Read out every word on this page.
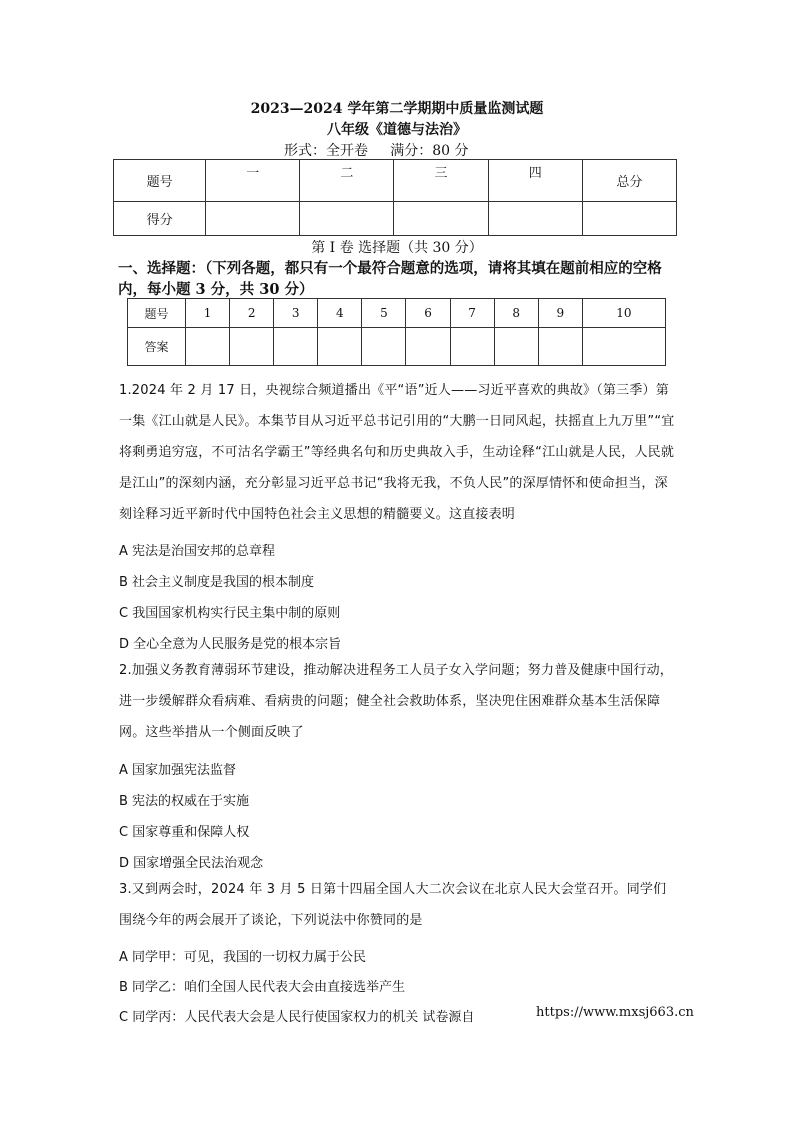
2023—2024 学年第二学期期中质量监测试题
八年级《道德与法治》
形式：全开卷     满分：80 分
题号	一	二	三	四	总分
得分					
第 I 卷 选择题（共 30 分）
一、选择题：（下列各题，都只有一个最符合题意的选项，请将其填在题前相应的空格内，每小题 3 分，共 30 分）
题号	1	2	3	4	5	6	7	8	9	10
答案										
1.2024 年 2 月 17 日，央视综合频道播出《平“语”近人——习近平喜欢的典故》（第三季）第一集《江山就是人民》。本集节目从习近平总书记引用的“大鹏一日同风起，扶摇直上九万里”“宜将剩勇追穷寇，不可沽名学霸王”等经典名句和历史典故入手，生动诠释“江山就是人民，人民就是江山”的深刻内涵，充分彰显习近平总书记“我将无我，不负人民”的深厚情怀和使命担当，深刻诠释习近平新时代中国特色社会主义思想的精髓要义。这直接表明
A 宪法是治国安邦的总章程
B 社会主义制度是我国的根本制度
C 我国国家机构实行民主集中制的原则
D 全心全意为人民服务是党的根本宗旨
2.加强义务教育薄弱环节建设，推动解决进程务工人员子女入学问题；努力普及健康中国行动，进一步缓解群众看病难、看病贵的问题；健全社会救助体系，坚决兜住困难群众基本生活保障网。这些举措从一个侧面反映了
A 国家加强宪法监督
B 宪法的权威在于实施
C 国家尊重和保障人权
D 国家增强全民法治观念
3.又到两会时，2024 年 3 月 5 日第十四届全国人大二次会议在北京人民大会堂召开。同学们围绕今年的两会展开了谈论，下列说法中你赞同的是
A 同学甲：可见，我国的一切权力属于公民
B 同学乙：咱们全国人民代表大会由直接选举产生
C 同学丙：人民代表大会是人民行使国家权力的机关 试卷源自	https://www.mxsj663.cn
